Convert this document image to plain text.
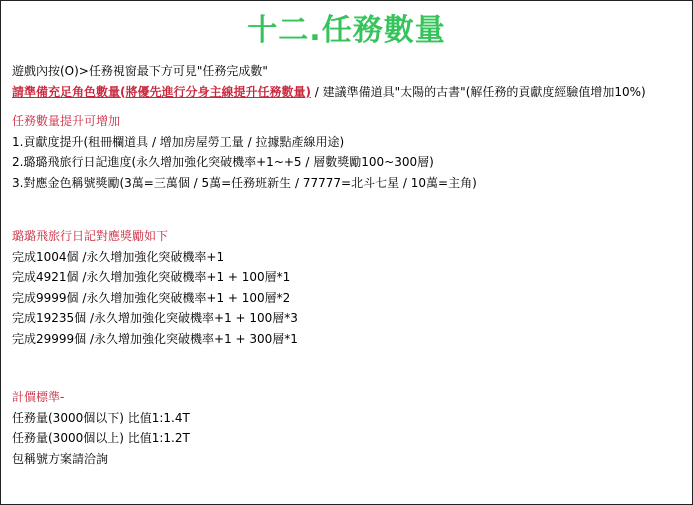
十二.任務數量
遊戲內按(O)>任務視窗最下方可見"任務完成數"
請準備充足角色數量(將優先進行分身主線提升任務數量) / 建議準備道具"太陽的古書"(解任務的貢獻度經驗值增加10%)
任務數量提升可增加
1.貢獻度提升(租冊欄道具 / 增加房屋勞工量 / 拉據點產線用途)
2.璐璐飛旅行日記進度(永久增加強化突破機率+1~+5 / 層數獎勵100~300層)
3.對應金色稱號獎勵(3萬=三萬個 / 5萬=任務班新生 / 77777=北斗七星 / 10萬=主角)
璐璐飛旅行日記對應獎勵如下
完成1004個 /永久增加強化突破機率+1
完成4921個 /永久增加強化突破機率+1 + 100層*1
完成9999個 /永久增加強化突破機率+1 + 100層*2
完成19235個 /永久增加強化突破機率+1 + 100層*3
完成29999個 /永久增加強化突破機率+1 + 300層*1
計價標準-
任務量(3000個以下) 比值1:1.4T
任務量(3000個以上) 比值1:1.2T
包稱號方案請洽詢
